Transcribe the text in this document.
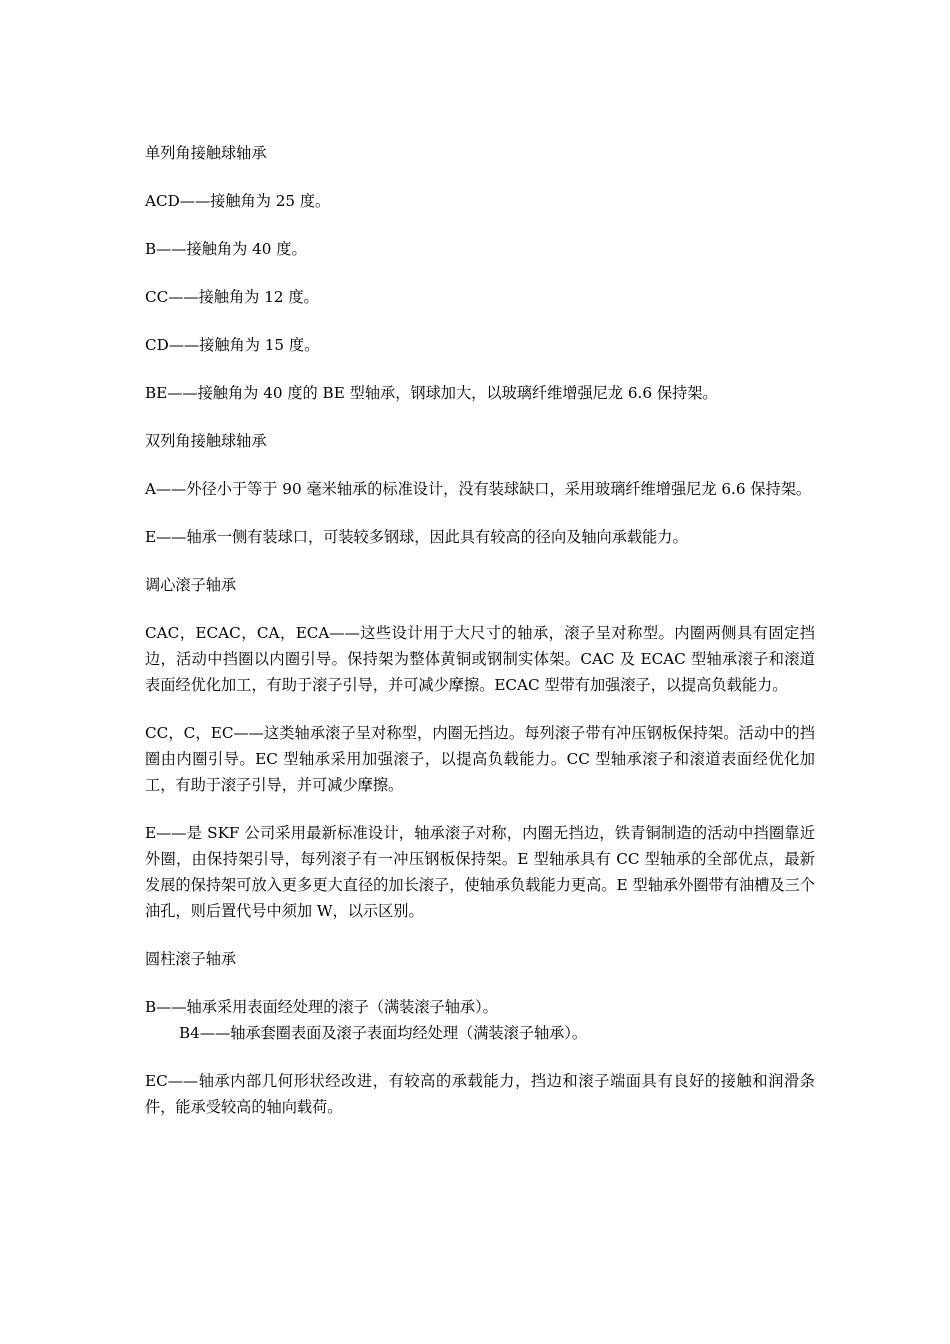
单列角接触球轴承

ACD——接触角为 25 度。

B——接触角为 40 度。

CC——接触角为 12 度。

CD——接触角为 15 度。

BE——接触角为 40 度的 BE 型轴承，钢球加大，以玻璃纤维增强尼龙 6.6 保持架。

双列角接触球轴承

A——外径小于等于 90 毫米轴承的标准设计，没有装球缺口，采用玻璃纤维增强尼龙 6.6 保持架。

E——轴承一侧有装球口，可装较多钢球，因此具有较高的径向及轴向承载能力。

调心滚子轴承

CAC，ECAC，CA，ECA——这些设计用于大尺寸的轴承，滚子呈对称型。内圈两侧具有固定挡边，活动中挡圈以内圈引导。保持架为整体黄铜或钢制实体架。CAC 及 ECAC 型轴承滚子和滚道表面经优化加工，有助于滚子引导，并可减少摩擦。ECAC 型带有加强滚子，以提高负载能力。

CC，C，EC——这类轴承滚子呈对称型，内圈无挡边。每列滚子带有冲压钢板保持架。活动中的挡圈由内圈引导。EC 型轴承采用加强滚子，以提高负载能力。CC 型轴承滚子和滚道表面经优化加工，有助于滚子引导，并可减少摩擦。

E——是 SKF 公司采用最新标准设计，轴承滚子对称，内圈无挡边，铁青铜制造的活动中挡圈靠近外圈，由保持架引导，每列滚子有一冲压钢板保持架。E 型轴承具有 CC 型轴承的全部优点，最新发展的保持架可放入更多更大直径的加长滚子，使轴承负载能力更高。E 型轴承外圈带有油槽及三个油孔，则后置代号中须加 W，以示区别。

圆柱滚子轴承

B——轴承采用表面经处理的滚子（满装滚子轴承）。

B4——轴承套圈表面及滚子表面均经处理（满装滚子轴承）。

EC——轴承内部几何形状经改进，有较高的承载能力，挡边和滚子端面具有良好的接触和润滑条件，能承受较高的轴向载荷。
